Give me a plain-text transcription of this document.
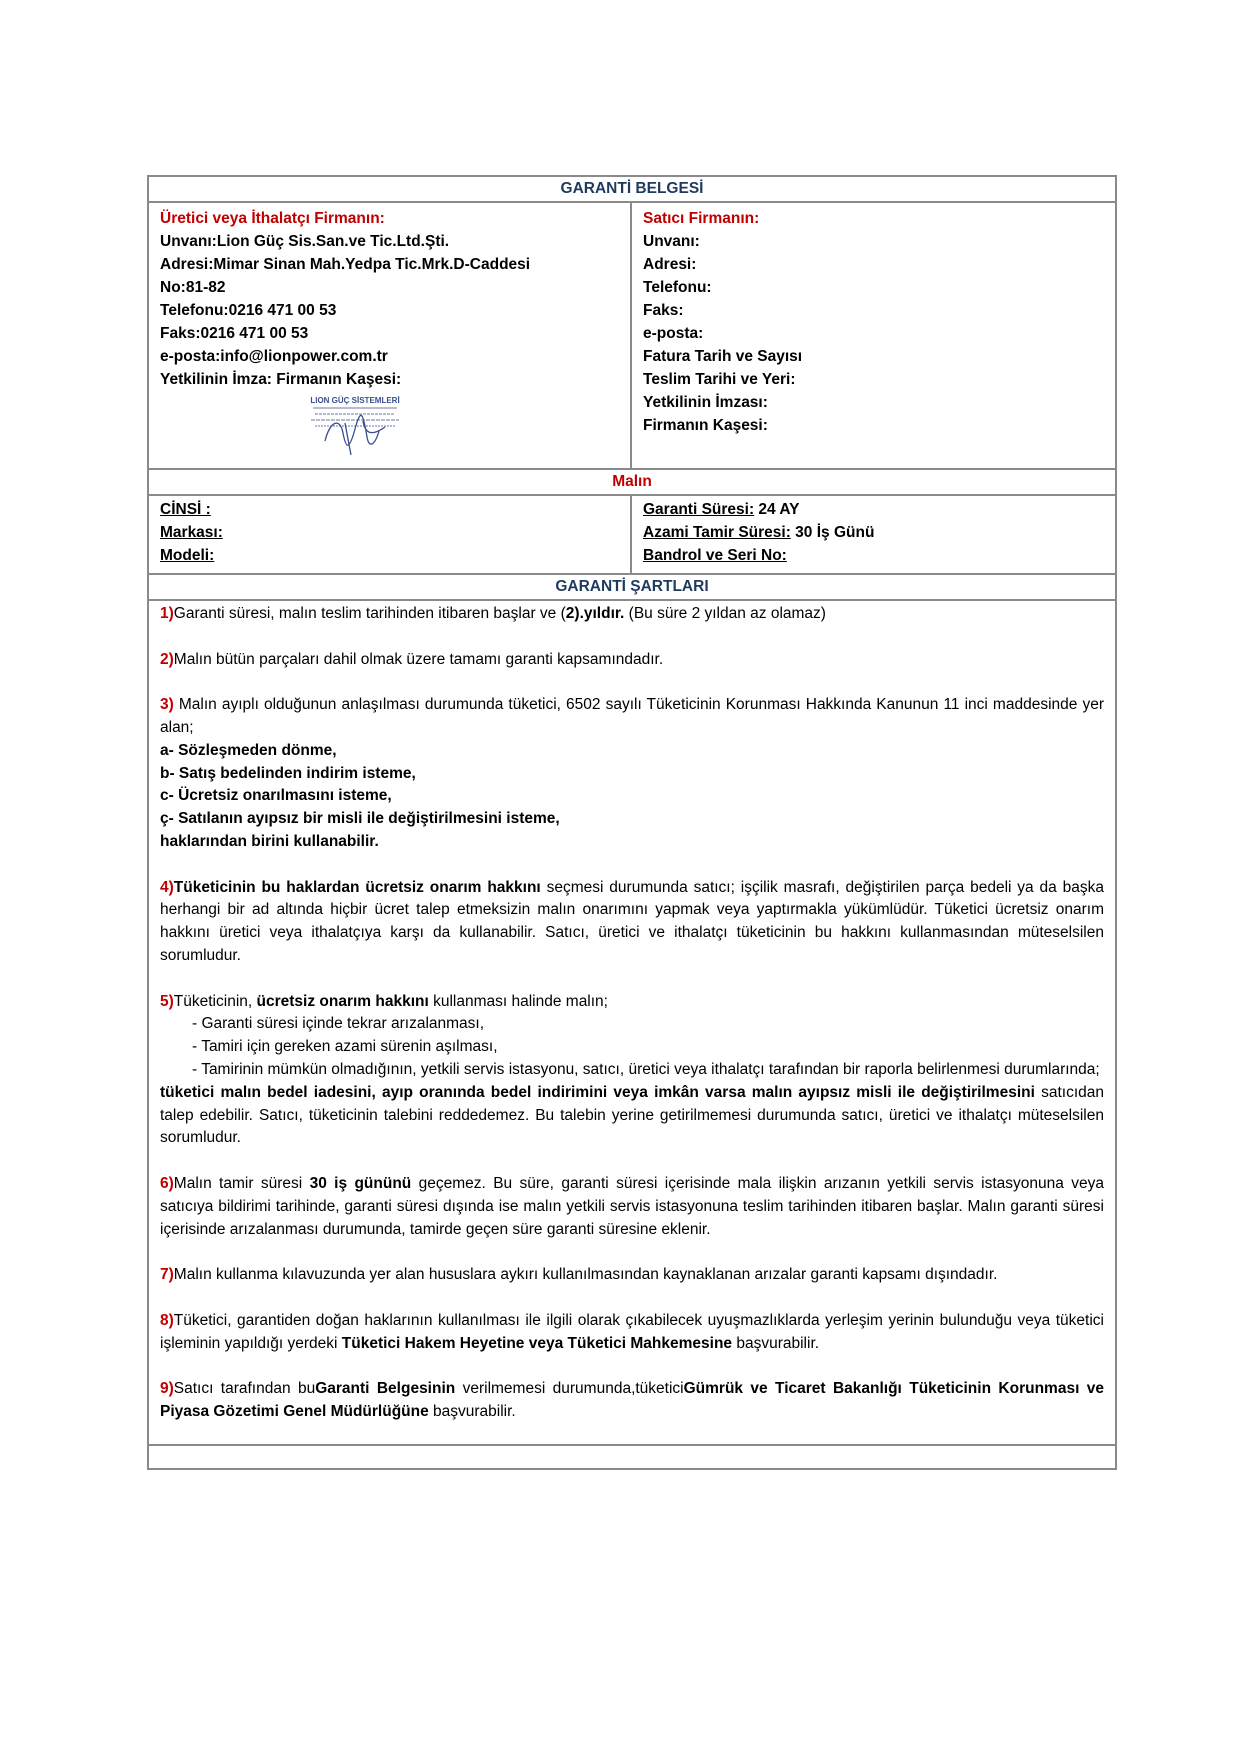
GARANTİ BELGESİ
Üretici veya İthalatçı Firmanın:
Unvanı:Lion Güç Sis.San.ve Tic.Ltd.Şti.
Adresi:Mimar Sinan Mah.Yedpa Tic.Mrk.D-Caddesi
No:81-82
Telefonu:0216 471 00 53
Faks:0216 471 00 53
e-posta:info@lionpower.com.tr
Yetkilinin İmza: Firmanın Kaşesi:
LION GÜÇ SİSTEMLERİ
Satıcı Firmanın:
Unvanı:
Adresi:
Telefonu:
Faks:
e-posta:
Fatura Tarih ve Sayısı
Teslim Tarihi ve Yeri:
Yetkilinin İmzası:
Firmanın Kaşesi:
Malın
CİNSİ :
Markası:
Modeli:
Garanti Süresi: 24 AY
Azami Tamir Süresi: 30 İş Günü
Bandrol ve Seri No:
GARANTİ ŞARTLARI

1)Garanti süresi, malın teslim tarihinden itibaren başlar ve (2).yıldır. (Bu süre 2 yıldan az olamaz)

2)Malın bütün parçaları dahil olmak üzere tamamı garanti kapsamındadır.

3) Malın ayıplı olduğunun anlaşılması durumunda tüketici, 6502 sayılı Tüketicinin Korunması Hakkında Kanunun 11 inci maddesinde yer alan;
a- Sözleşmeden dönme,
b- Satış bedelinden indirim isteme,
c- Ücretsiz onarılmasını isteme,
ç- Satılanın ayıpsız bir misli ile değiştirilmesini isteme,
haklarından birini kullanabilir.

4)Tüketicinin bu haklardan ücretsiz onarım hakkını seçmesi durumunda satıcı; işçilik masrafı, değiştirilen parça bedeli ya da başka herhangi bir ad altında hiçbir ücret talep etmeksizin malın onarımını yapmak veya yaptırmakla yükümlüdür. Tüketici ücretsiz onarım hakkını üretici veya ithalatçıya karşı da kullanabilir. Satıcı, üretici ve ithalatçı tüketicinin bu hakkını kullanmasından müteselsilen sorumludur.

5)Tüketicinin, ücretsiz onarım hakkını kullanması halinde malın;
- Garanti süresi içinde tekrar arızalanması,
- Tamiri için gereken azami sürenin aşılması,
- Tamirinin mümkün olmadığının, yetkili servis istasyonu, satıcı, üretici veya ithalatçı tarafından bir raporla belirlenmesi durumlarında;
tüketici malın bedel iadesini, ayıp oranında bedel indirimini veya imkân varsa malın ayıpsız misli ile değiştirilmesini satıcıdan talep edebilir. Satıcı, tüketicinin talebini reddedemez. Bu talebin yerine getirilmemesi durumunda satıcı, üretici ve ithalatçı müteselsilen sorumludur.

6)Malın tamir süresi 30 iş gününü geçemez. Bu süre, garanti süresi içerisinde mala ilişkin arızanın yetkili servis istasyonuna veya satıcıya bildirimi tarihinde, garanti süresi dışında ise malın yetkili servis istasyonuna teslim tarihinden itibaren başlar. Malın garanti süresi içerisinde arızalanması durumunda, tamirde geçen süre garanti süresine eklenir.

7)Malın kullanma kılavuzunda yer alan hususlara aykırı kullanılmasından kaynaklanan arızalar garanti kapsamı dışındadır.

8)Tüketici, garantiden doğan haklarının kullanılması ile ilgili olarak çıkabilecek uyuşmazlıklarda yerleşim yerinin bulunduğu veya tüketici işleminin yapıldığı yerdeki Tüketici Hakem Heyetine veya Tüketici Mahkemesine başvurabilir.

9)Satıcı tarafından buGaranti Belgesinin verilmemesi durumunda,tüketiciGümrük ve Ticaret Bakanlığı Tüketicinin Korunması ve Piyasa Gözetimi Genel Müdürlüğüne başvurabilir.
